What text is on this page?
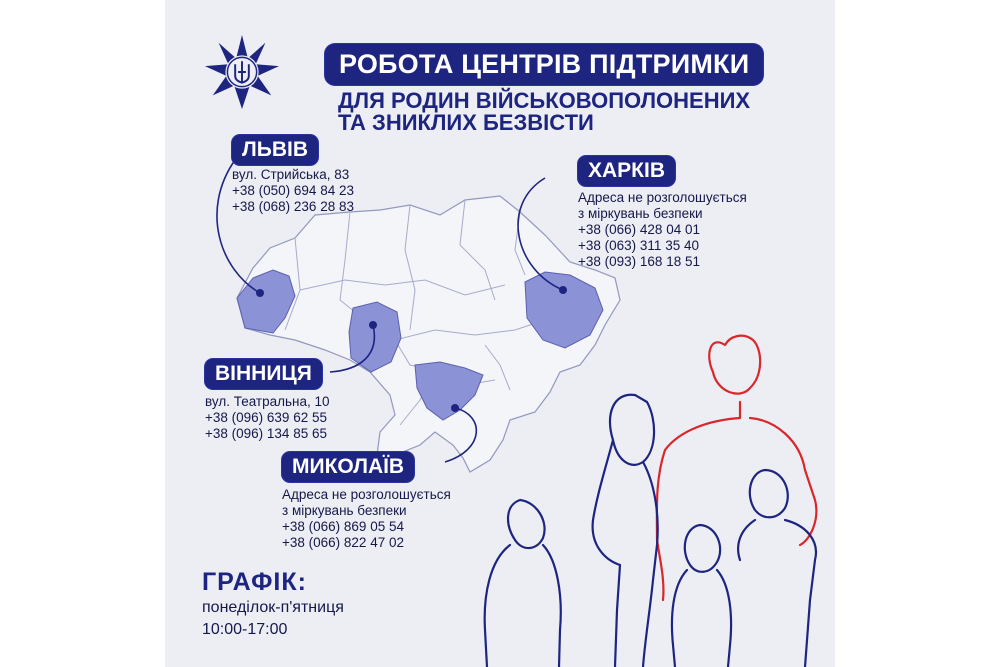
РОБОТА ЦЕНТРІВ ПІДТРИМКИ
ДЛЯ РОДИН ВІЙСЬКОВОПОЛОНЕНИХ
ТА ЗНИКЛИХ БЕЗВІСТИ
ЛЬВІВ
вул. Стрийська, 83
+38 (050) 694 84 23
+38 (068) 236 28 83
ХАРКІВ
Адреса не розголошується
з міркувань безпеки
+38 (066) 428 04 01
+38 (063) 311 35 40
+38 (093) 168 18 51
ВІННИЦЯ
вул. Театральна, 10
+38 (096) 639 62 55
+38 (096) 134 85 65
МИКОЛАЇВ
Адреса не розголошується
з міркувань безпеки
+38 (066) 869 05 54
+38 (066) 822 47 02
ГРАФІК:
понеділок-п'ятниця
10:00-17:00
